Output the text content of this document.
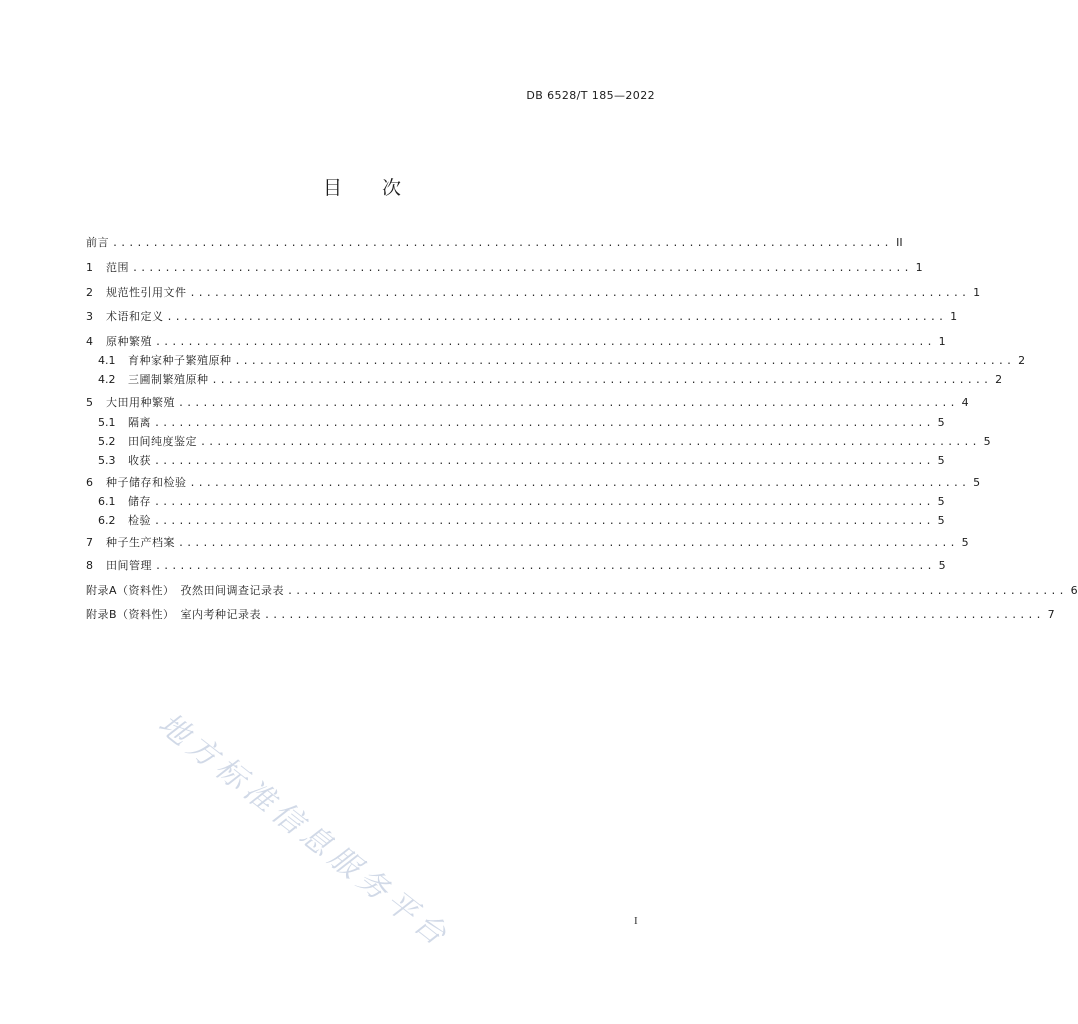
DB 6528/T 185—2022
目 次
前言 ................................................................................................ II
1	范围 ................................................................................................ 1
2	规范性引用文件 ................................................................................................ 1
3	术语和定义 ................................................................................................ 1
4	原种繁殖 ................................................................................................ 1
4.1	育种家种子繁殖原种 ................................................................................................ 2
4.2	三圃制繁殖原种 ................................................................................................ 2
5	大田用种繁殖 ................................................................................................ 4
5.1	隔离 ................................................................................................ 5
5.2	田间纯度鉴定 ................................................................................................ 5
5.3	收获 ................................................................................................ 5
6	种子储存和检验 ................................................................................................ 5
6.1	储存 ................................................................................................ 5
6.2	检验 ................................................................................................ 5
7	种子生产档案 ................................................................................................ 5
8	田间管理 ................................................................................................ 5
附录A（资料性）　孜然田间调查记录表 ................................................................................................ 6
附录B（资料性）　室内考种记录表 ................................................................................................ 7
地方标准信息服务平台	I
